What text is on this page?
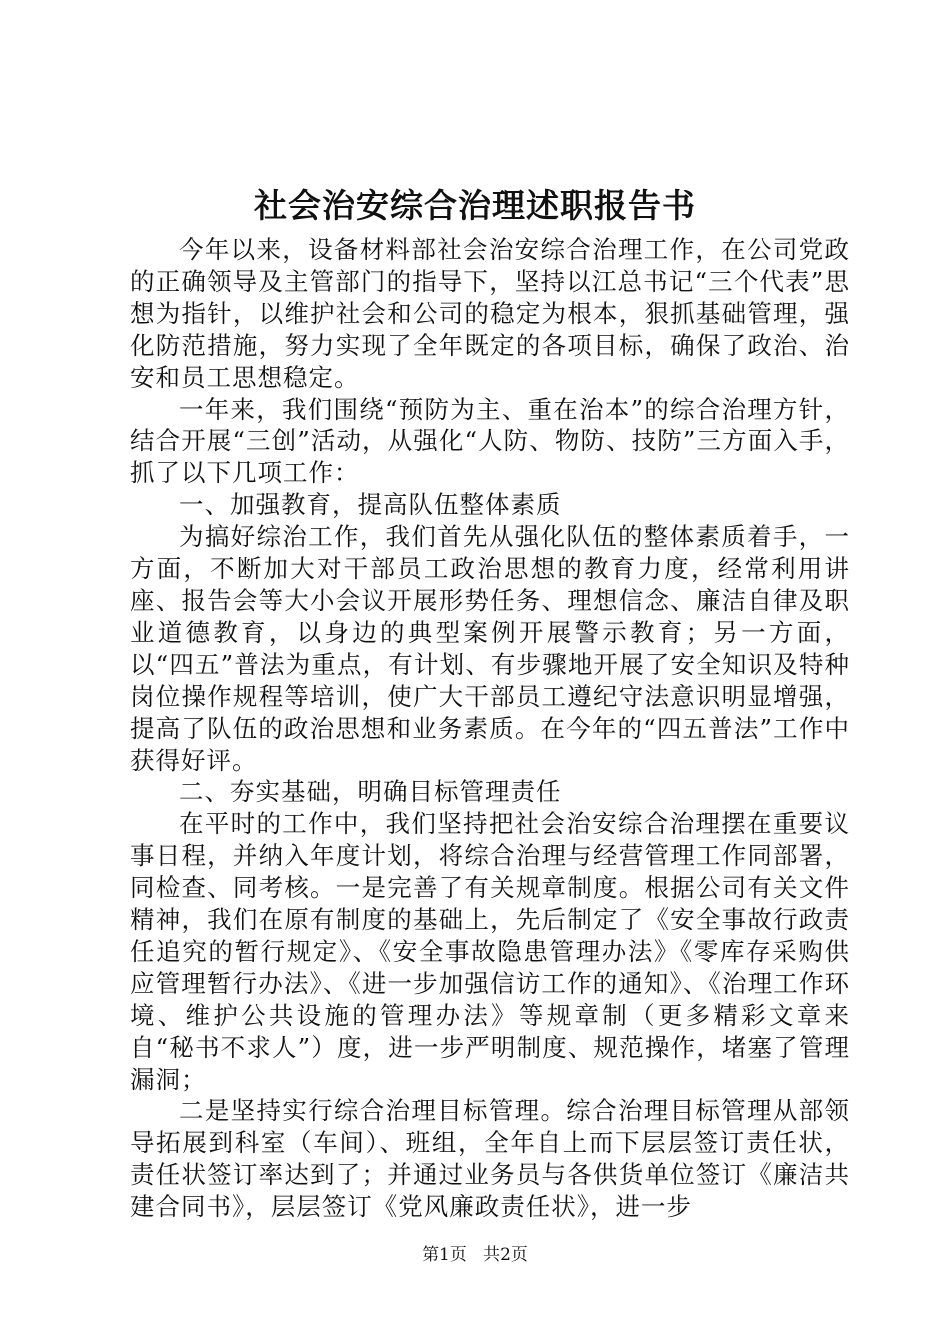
社会治安综合治理述职报告书

今年以来，设备材料部社会治安综合治理工作，在公司党政的正确领导及主管部门的指导下，坚持以江总书记“三个代表”思想为指针，以维护社会和公司的稳定为根本，狠抓基础管理，强化防范措施，努力实现了全年既定的各项目标，确保了政治、治安和员工思想稳定。

一年来，我们围绕“预防为主、重在治本”的综合治理方针，结合开展“三创”活动，从强化“人防、物防、技防”三方面入手，抓了以下几项工作：

一、加强教育，提高队伍整体素质

为搞好综治工作，我们首先从强化队伍的整体素质着手，一方面，不断加大对干部员工政治思想的教育力度，经常利用讲座、报告会等大小会议开展形势任务、理想信念、廉洁自律及职业道德教育，以身边的典型案例开展警示教育；另一方面，以“四五”普法为重点，有计划、有步骤地开展了安全知识及特种岗位操作规程等培训，使广大干部员工遵纪守法意识明显增强，提高了队伍的政治思想和业务素质。在今年的“四五普法”工作中获得好评。

二、夯实基础，明确目标管理责任

在平时的工作中，我们坚持把社会治安综合治理摆在重要议事日程，并纳入年度计划，将综合治理与经营管理工作同部署，同检查、同考核。一是完善了有关规章制度。根据公司有关文件精神，我们在原有制度的基础上，先后制定了《安全事故行政责任追究的暂行规定》、《安全事故隐患管理办法》《零库存采购供应管理暂行办法》、《进一步加强信访工作的通知》、《治理工作环境、维护公共设施的管理办法》等规章制（更多精彩文章来自“秘书不求人”）度，进一步严明制度、规范操作，堵塞了管理漏洞；

二是坚持实行综合治理目标管理。综合治理目标管理从部领导拓展到科室（车间）、班组，全年自上而下层层签订责任状，责任状签订率达到了；并通过业务员与各供货单位签订《廉洁共建合同书》，层层签订《党风廉政责任状》，进一步

第1页 共2页
